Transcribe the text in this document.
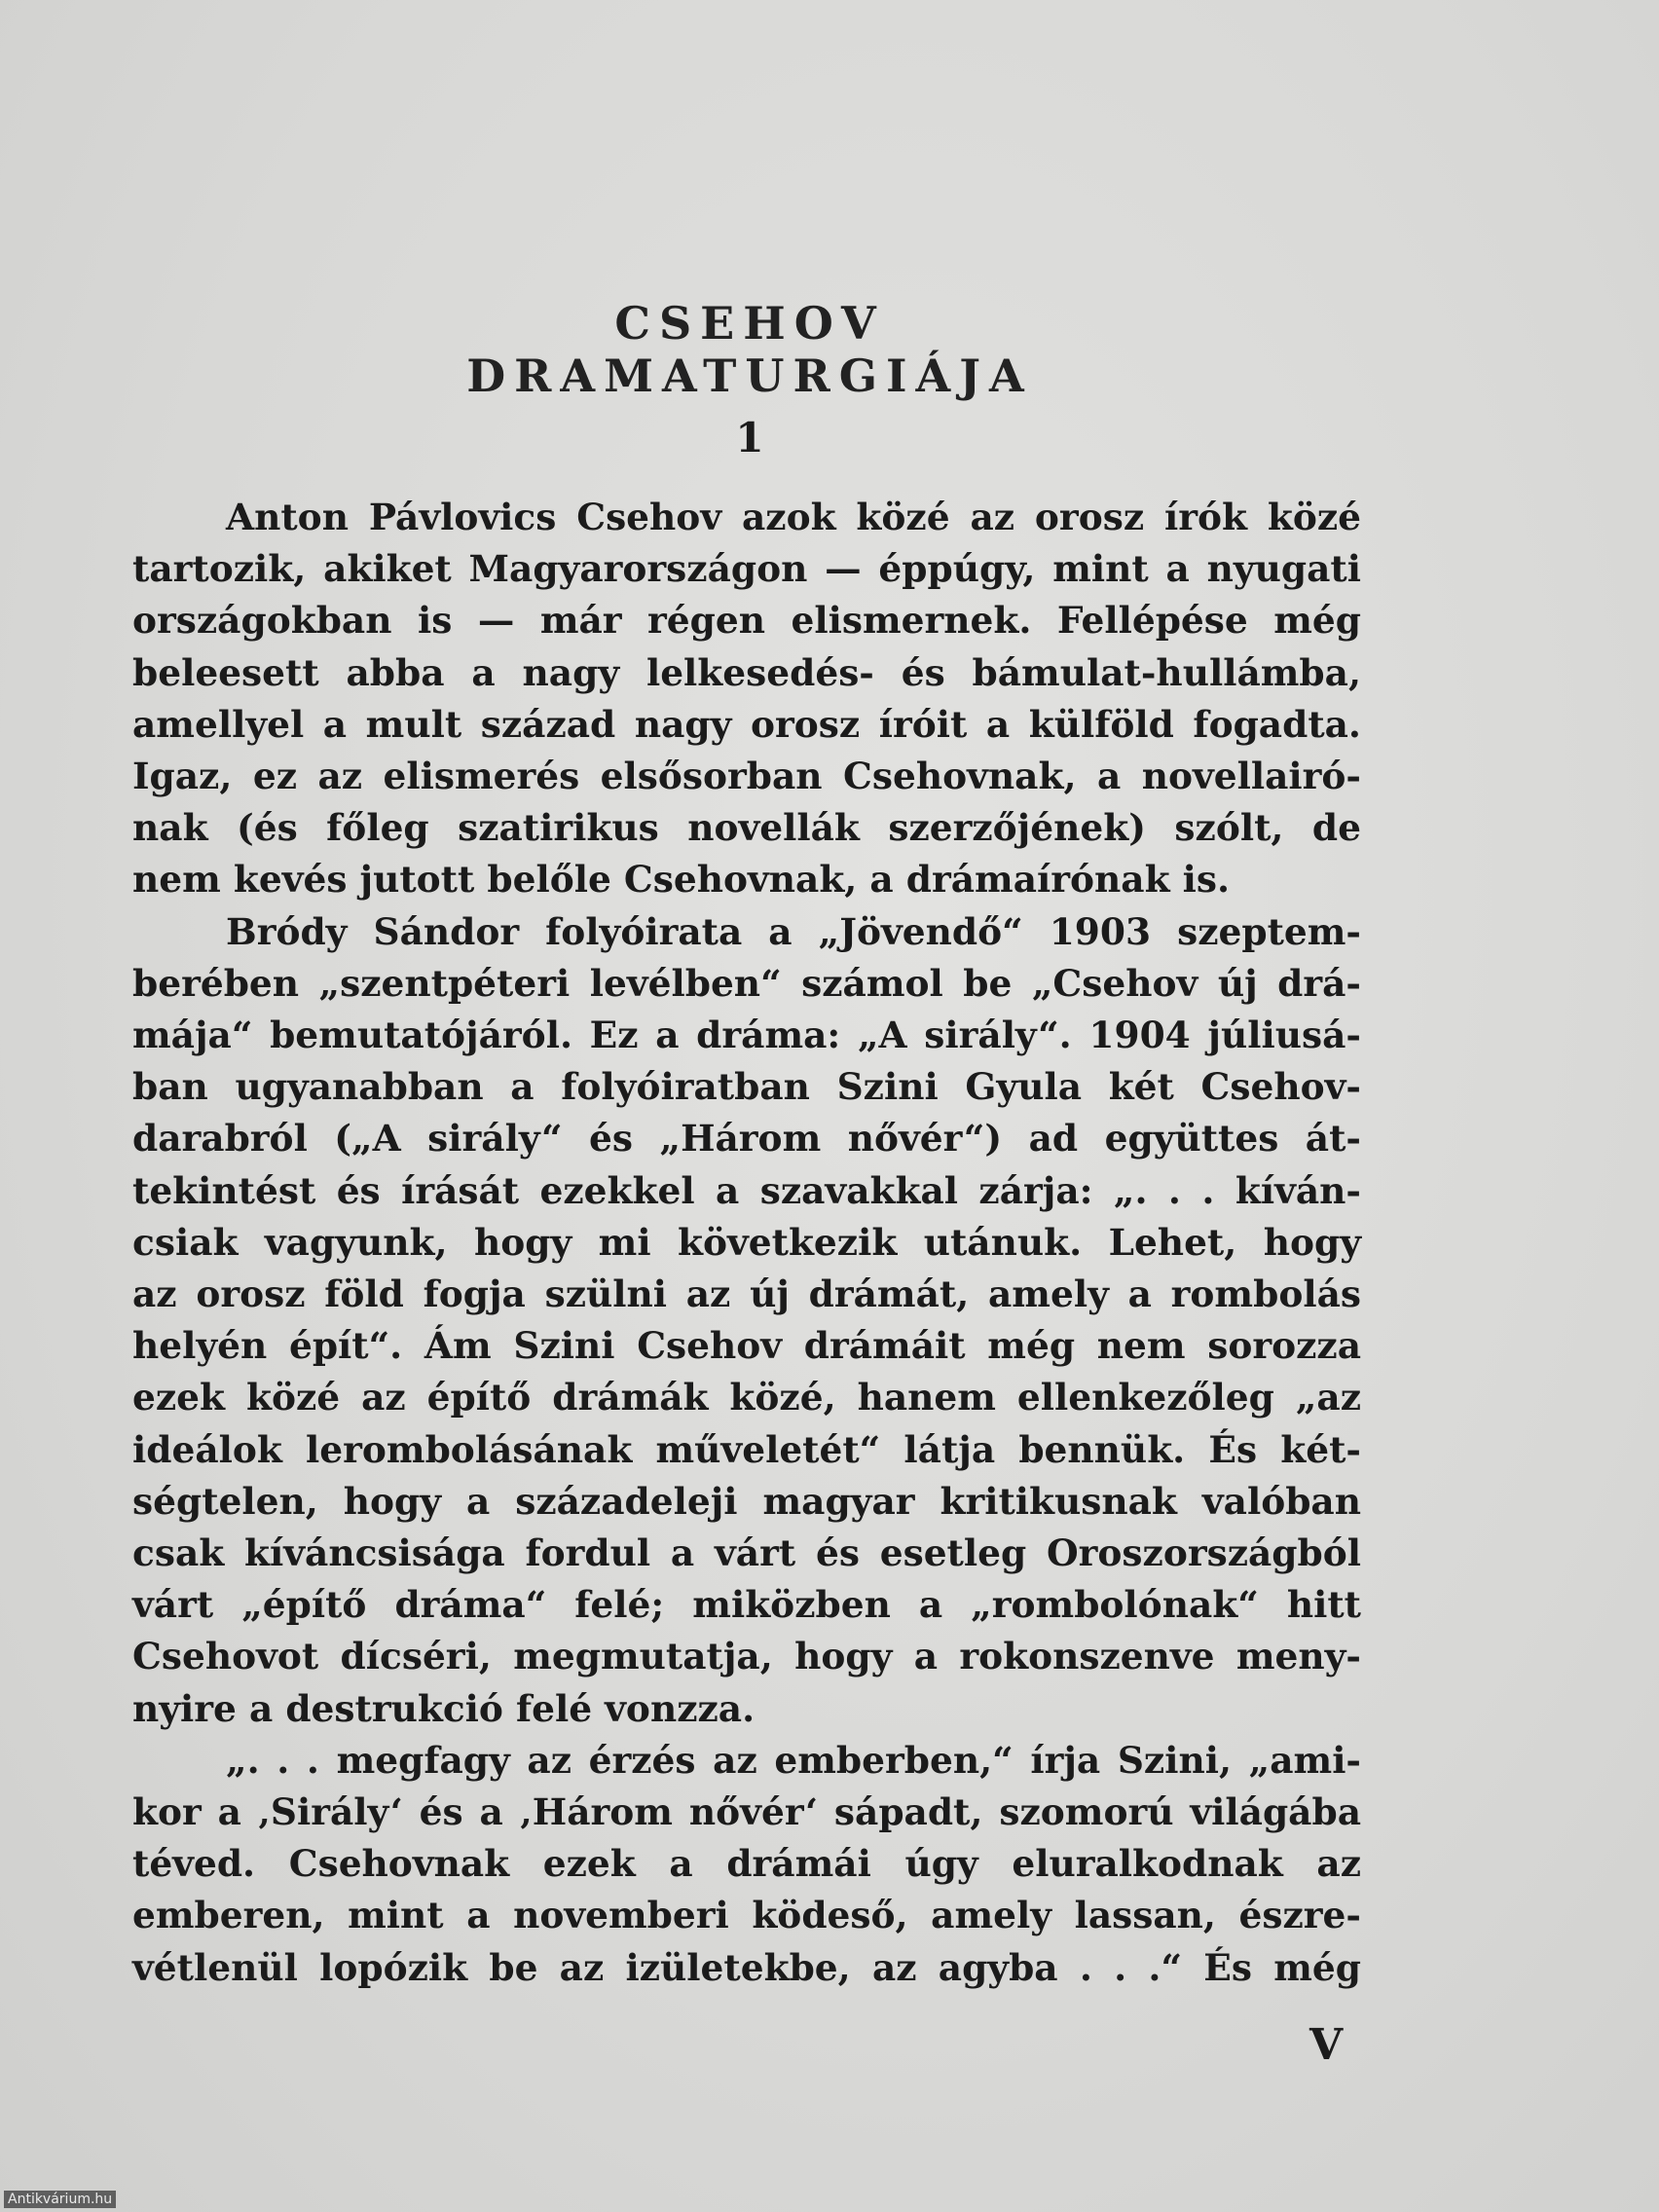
CSEHOV DRAMATURGIÁJA
1
Anton Pávlovics Csehov azok közé az orosz írók közé
tartozik, akiket Magyarországon — éppúgy, mint a nyugati
országokban is — már régen elismernek. Fellépése még
beleesett abba a nagy lelkesedés- és bámulat-hullámba,
amellyel a mult század nagy orosz íróit a külföld fogadta.
Igaz, ez az elismerés elsősorban Csehovnak, a novellairó-
nak (és főleg szatirikus novellák szerzőjének) szólt, de
nem kevés jutott belőle Csehovnak, a drámaírónak is.
Bródy Sándor folyóirata a „Jövendő“ 1903 szeptem-
berében „szentpéteri levélben“ számol be „Csehov új drá-
mája“ bemutatójáról. Ez a dráma: „A sirály“. 1904 júliusá-
ban ugyanabban a folyóiratban Szini Gyula két Csehov-
darabról („A sirály“ és „Három nővér“) ad együttes át-
tekintést és írását ezekkel a szavakkal zárja: „. . . kíván-
csiak vagyunk, hogy mi következik utánuk. Lehet, hogy
az orosz föld fogja szülni az új drámát, amely a rombolás
helyén épít“. Ám Szini Csehov drámáit még nem sorozza
ezek közé az építő drámák közé, hanem ellenkezőleg „az
ideálok lerombolásának műveletét“ látja bennük. És két-
ségtelen, hogy a századeleji magyar kritikusnak valóban
csak kíváncsisága fordul a várt és esetleg Oroszországból
várt „építő dráma“ felé; miközben a „rombolónak“ hitt
Csehovot dícséri, megmutatja, hogy a rokonszenve meny-
nyire a destrukció felé vonzza.
„. . . megfagy az érzés az emberben,“ írja Szini, „ami-
kor a ‚Sirály‘ és a ‚Három nővér‘ sápadt, szomorú világába
téved. Csehovnak ezek a drámái úgy eluralkodnak az
emberen, mint a novemberi ködeső, amely lassan, észre-
vétlenül lopózik be az izületekbe, az agyba . . .“ És még
V
Antikvárium.hu
